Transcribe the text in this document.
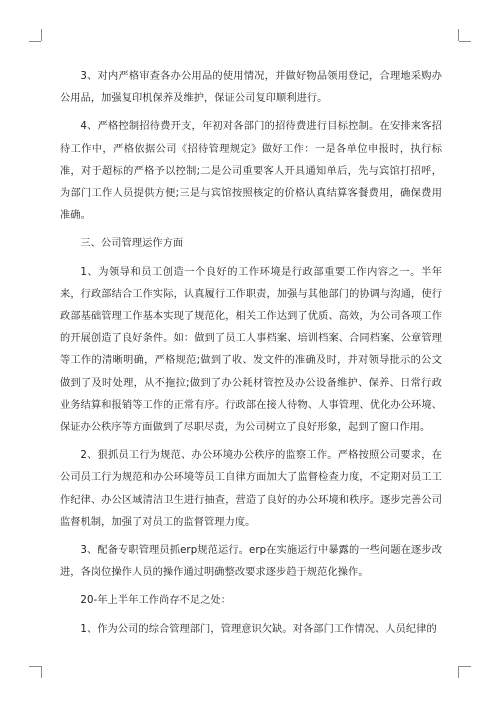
3、对内严格审查各办公用品的使用情况，并做好物品领用登记，合理地采购办公用品，加强复印机保养及维护，保证公司复印顺利进行。

4、严格控制招待费开支，年初对各部门的招待费进行目标控制。在安排来客招待工作中，严格依据公司《招待管理规定》做好工作：一是各单位申报时，执行标准，对于超标的严格予以控制;二是公司重要客人开具通知单后，先与宾馆打招呼，为部门工作人员提供方便;三是与宾馆按照核定的价格认真结算客餐费用，确保费用准确。

三、公司管理运作方面

1、为领导和员工创造一个良好的工作环境是行政部重要工作内容之一。半年来，行政部结合工作实际，认真履行工作职责，加强与其他部门的协调与沟通，使行政部基础管理工作基本实现了规范化，相关工作达到了优质、高效，为公司各项工作的开展创造了良好条件。如：做到了员工人事档案、培训档案、合同档案、公章管理等工作的清晰明确，严格规范;做到了收、发文件的准确及时，并对领导批示的公文做到了及时处理，从不拖拉;做到了办公耗材管控及办公设备维护、保养、日常行政业务结算和报销等工作的正常有序。行政部在接人待物、人事管理、优化办公环境、保证办公秩序等方面做到了尽职尽责，为公司树立了良好形象，起到了窗口作用。

2、狠抓员工行为规范、办公环境办公秩序的监察工作。严格按照公司要求，在公司员工行为规范和办公环境等员工自律方面加大了监督检查力度，不定期对员工工作纪律、办公区域清洁卫生进行抽查，营造了良好的办公环境和秩序。逐步完善公司监督机制，加强了对员工的监督管理力度。

3、配备专职管理员抓erp规范运行。erp在实施运行中暴露的一些问题在逐步改进，各岗位操作人员的操作通过明确整改要求逐步趋于规范化操作。

20-年上半年工作尚存不足之处：

1、作为公司的综合管理部门，管理意识欠缺。对各部门工作情况、人员纪律的
